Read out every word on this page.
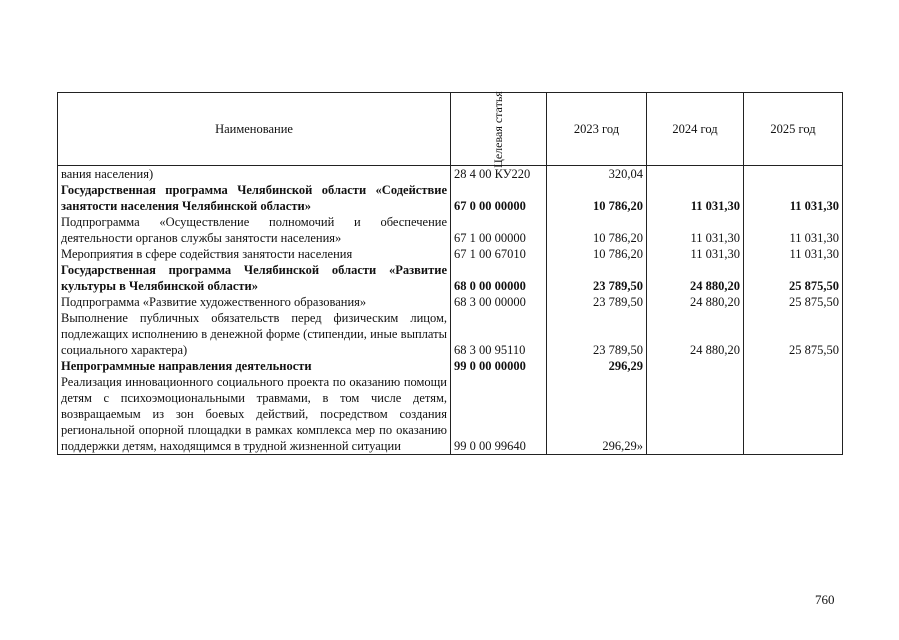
Наименование	Целевая статья	2023 год	2024 год	2025 год
вания населения)	28 4 00 КУ220	320,04		
Государственная программа Челябинской области «Содействие занятости населения Челябинской области»	67 0 00 00000	10 786,20	11 031,30	11 031,30
Подпрограмма «Осуществление полномочий и обеспечение деятельности органов службы занятости населения»	67 1 00 00000	10 786,20	11 031,30	11 031,30
Мероприятия в сфере содействия занятости населения	67 1 00 67010	10 786,20	11 031,30	11 031,30
Государственная программа Челябинской области «Развитие культуры в Челябинской области»	68 0 00 00000	23 789,50	24 880,20	25 875,50
Подпрограмма «Развитие художественного образования»	68 3 00 00000	23 789,50	24 880,20	25 875,50
Выполнение публичных обязательств перед физическим лицом, подлежащих исполнению в денежной форме (стипендии, иные выплаты социального характера)	68 3 00 95110	23 789,50	24 880,20	25 875,50
Непрограммные направления деятельности	99 0 00 00000	296,29		
Реализация инновационного социального проекта по оказанию помощи детям с психоэмоциональными травмами, в том числе детям, возвращаемым из зон боевых действий, посредством создания региональной опорной площадки в рамках комплекса мер по оказанию поддержки детям, находящимся в трудной жизненной ситуации	99 0 00 99640	296,29»		
760
